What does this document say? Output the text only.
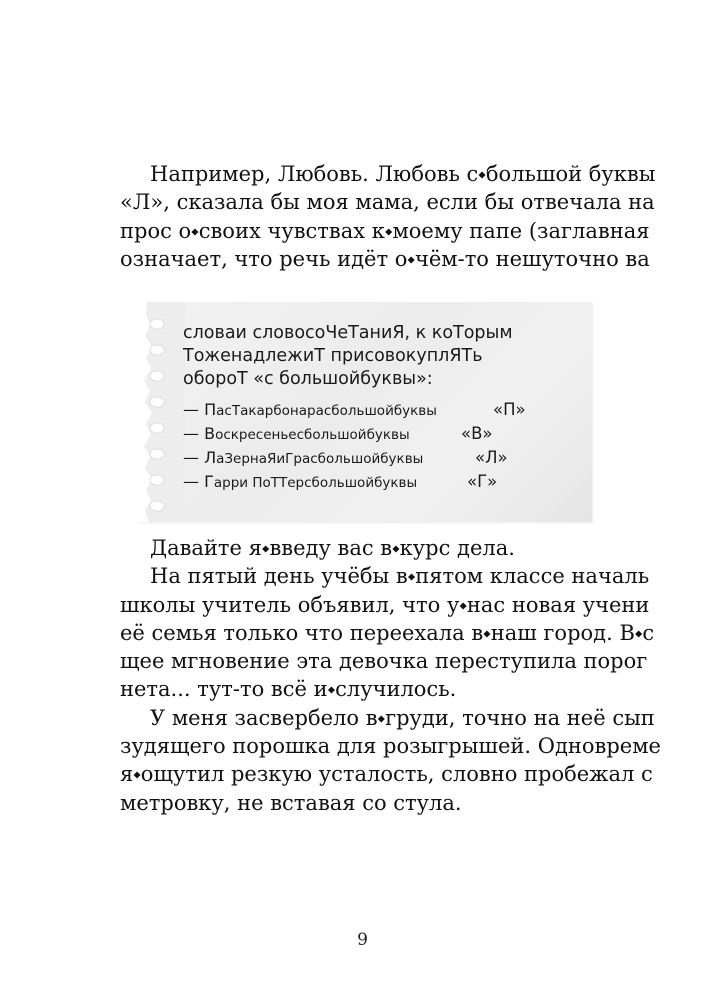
Например, Любовь. Любовь с⬩большой буквы
«Л», сказала бы моя мама, если бы отвечала на
прос о⬩своих чувствах к⬩моему папе (заглавная
означает, что речь идёт о⬩чём-то нешуточно ва
словаи словосоЧеТаниЯ, к коТорым
ТоженадлежиТ присовокуплЯТь
обороТ «с большойбуквы»:
— ПасТакарбонарасбольшойбуквы	«П»
— Воскресеньесбольшойбуквы	«В»
— ЛаЗернаЯиГрасбольшойбуквы	«Л»
— Гарри ПоТТерсбольшойбуквы	«Г»
Давайте я⬩введу вас в⬩курс дела.
На пятый день учёбы в⬩пятом классе началь
школы учитель объявил, что у⬩нас новая учени
её семья только что переехала в⬩наш город. В⬩с
щее мгновение эта девочка переступила порог
нета... тут-то всё и⬩случилось.
У меня засвербело в⬩груди, точно на неё сып
зудящего порошка для розыгрышей. Одновреме
я⬩ощутил резкую усталость, словно пробежал с
метровку, не вставая со стула.
9
